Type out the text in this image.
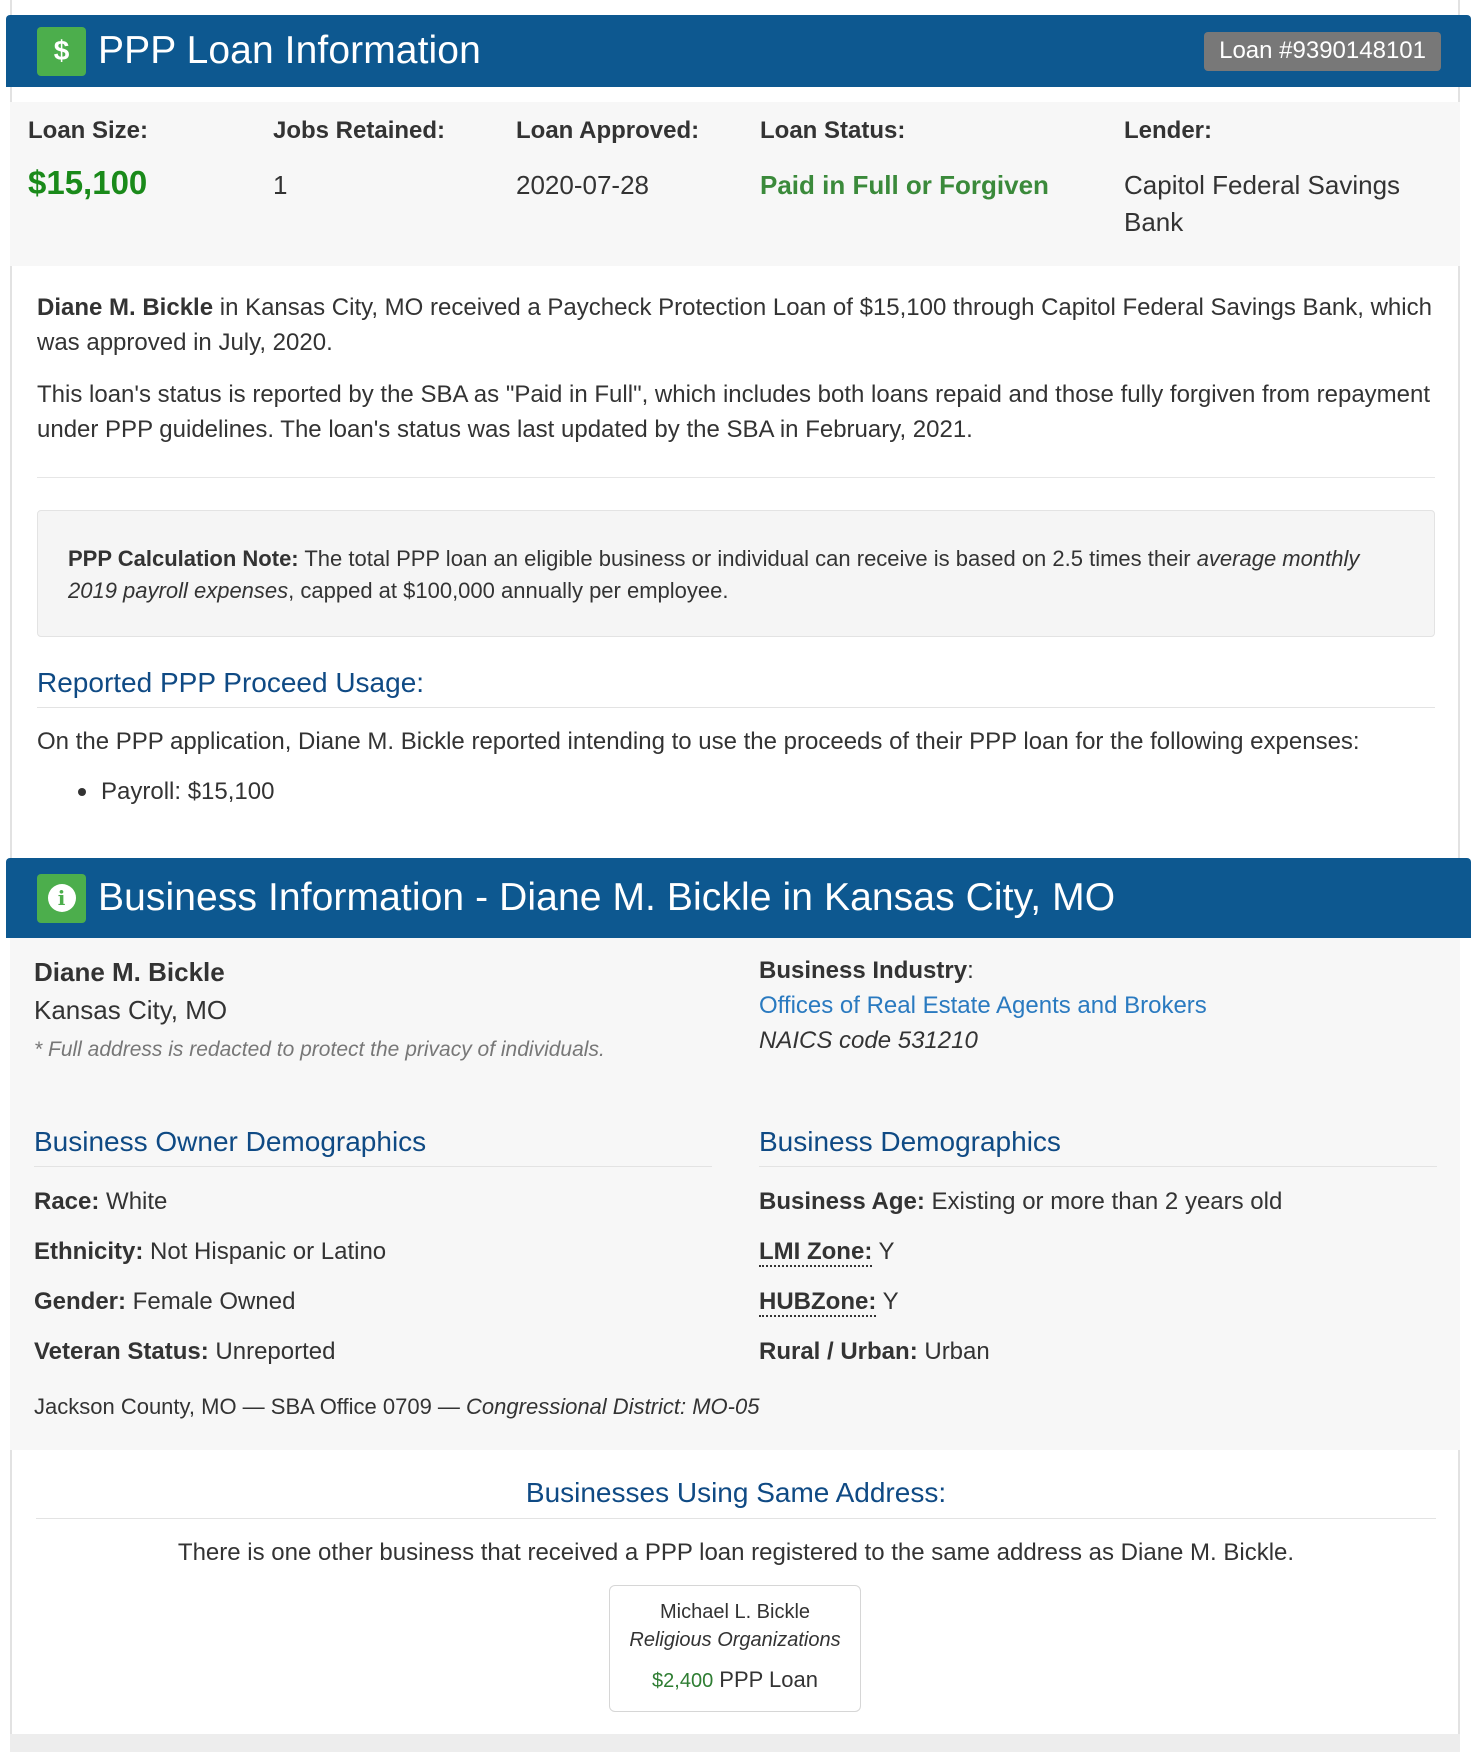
$ PPP Loan Information	Loan #9390148101
Loan Size:
$15,100
Jobs Retained:
1
Loan Approved:
2020-07-28
Loan Status:
Paid in Full or Forgiven
Lender:
Capitol Federal Savings Bank
Diane M. Bickle in Kansas City, MO received a Paycheck Protection Loan of $15,100 through Capitol Federal Savings Bank, which was approved in July, 2020.
This loan's status is reported by the SBA as "Paid in Full", which includes both loans repaid and those fully forgiven from repayment under PPP guidelines. The loan's status was last updated by the SBA in February, 2021.
PPP Calculation Note: The total PPP loan an eligible business or individual can receive is based on 2.5 times their average monthly 2019 payroll expenses, capped at $100,000 annually per employee.
Reported PPP Proceed Usage:
On the PPP application, Diane M. Bickle reported intending to use the proceeds of their PPP loan for the following expenses:
Payroll: $15,100
i Business Information - Diane M. Bickle in Kansas City, MO
Diane M. Bickle
Kansas City, MO
* Full address is redacted to protect the privacy of individuals.
Business Industry:
Offices of Real Estate Agents and Brokers
NAICS code 531210
Business Owner Demographics
Race: White
Ethnicity: Not Hispanic or Latino
Gender: Female Owned
Veteran Status: Unreported
Business Demographics
Business Age: Existing or more than 2 years old
LMI Zone: Y
HUBZone: Y
Rural / Urban: Urban
Jackson County, MO — SBA Office 0709 — Congressional District: MO-05
Businesses Using Same Address:
There is one other business that received a PPP loan registered to the same address as Diane M. Bickle.
Michael L. Bickle
Religious Organizations
$2,400 PPP Loan
